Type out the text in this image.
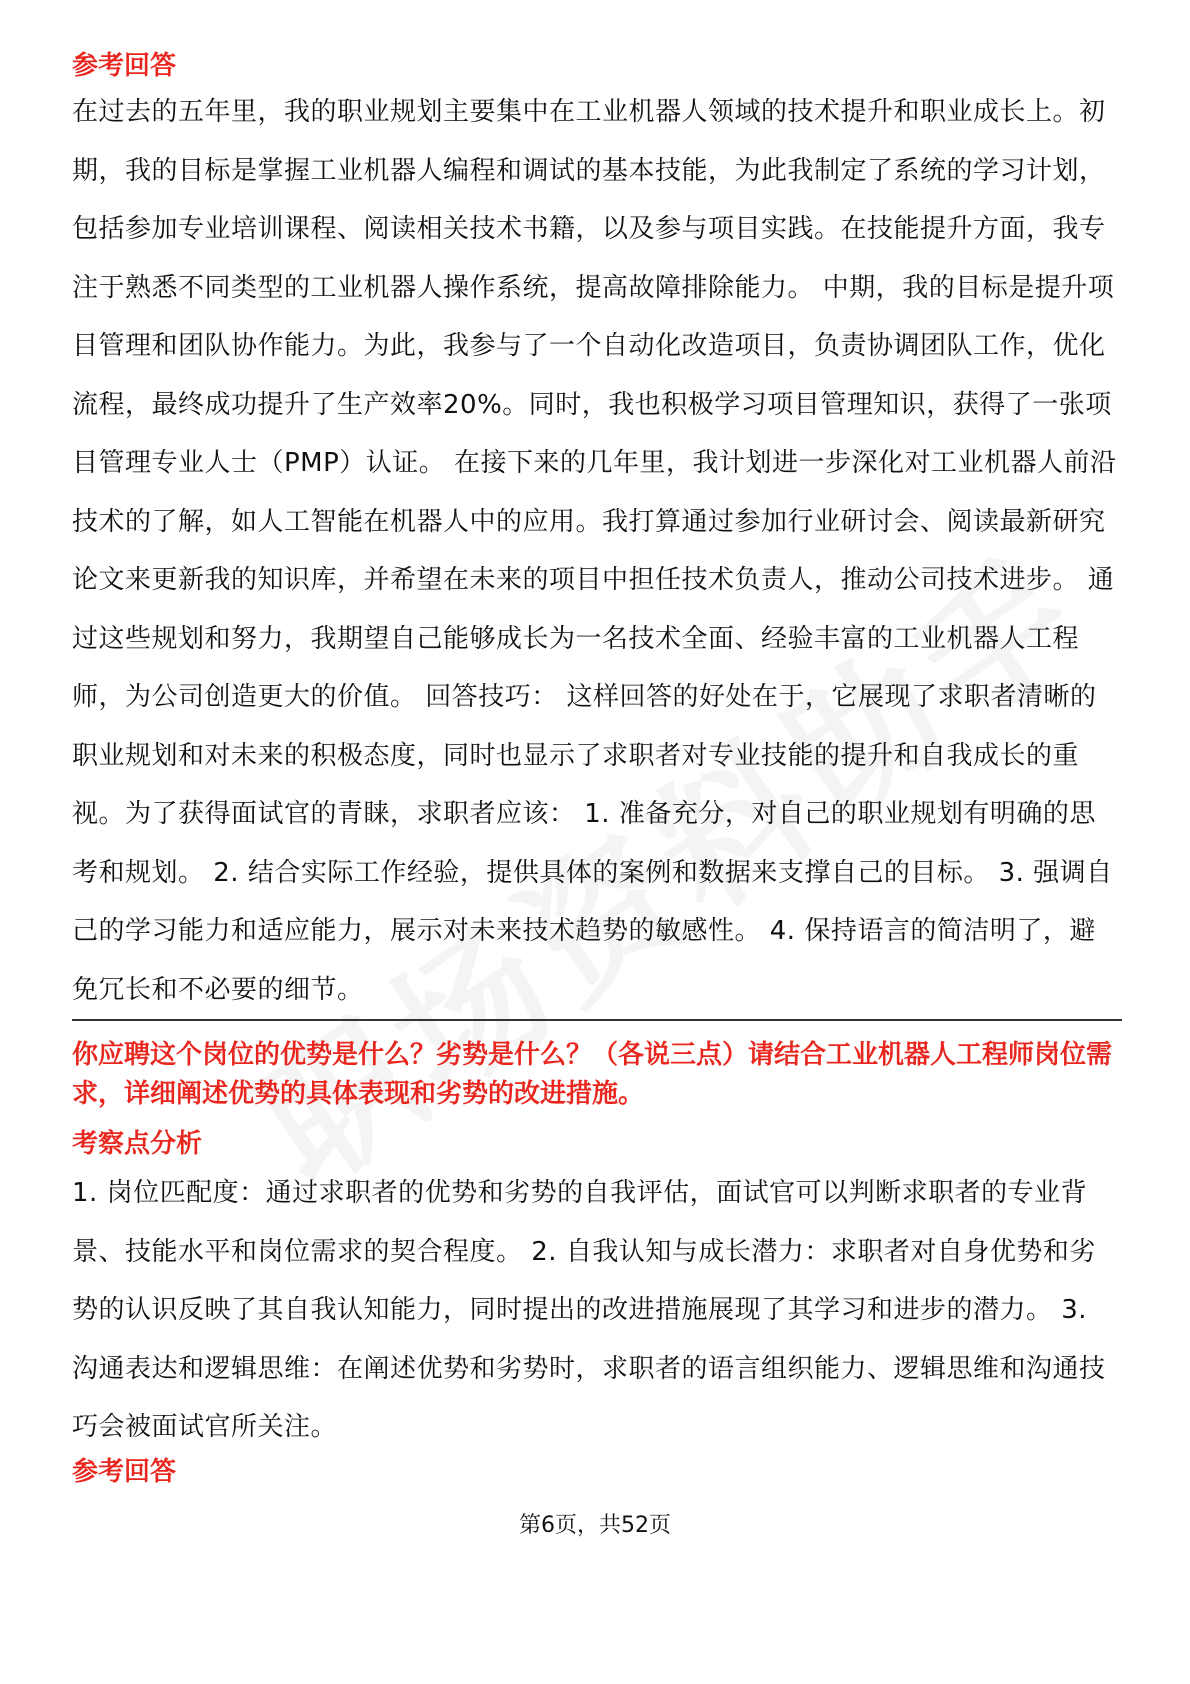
参考回答

在过去的五年里，我的职业规划主要集中在工业机器人领域的技术提升和职业成长上。初期，我的目标是掌握工业机器人编程和调试的基本技能，为此我制定了系统的学习计划，包括参加专业培训课程、阅读相关技术书籍，以及参与项目实践。在技能提升方面，我专注于熟悉不同类型的工业机器人操作系统，提高故障排除能力。 中期，我的目标是提升项目管理和团队协作能力。为此，我参与了一个自动化改造项目，负责协调团队工作，优化流程，最终成功提升了生产效率20%。同时，我也积极学习项目管理知识，获得了一张项目管理专业人士（PMP）认证。 在接下来的几年里，我计划进一步深化对工业机器人前沿技术的了解，如人工智能在机器人中的应用。我打算通过参加行业研讨会、阅读最新研究论文来更新我的知识库，并希望在未来的项目中担任技术负责人，推动公司技术进步。 通过这些规划和努力，我期望自己能够成长为一名技术全面、经验丰富的工业机器人工程师，为公司创造更大的价值。 回答技巧： 这样回答的好处在于，它展现了求职者清晰的职业规划和对未来的积极态度，同时也显示了求职者对专业技能的提升和自我成长的重视。为了获得面试官的青睐，求职者应该： 1. 准备充分，对自己的职业规划有明确的思考和规划。 2. 结合实际工作经验，提供具体的案例和数据来支撑自己的目标。 3. 强调自己的学习能力和适应能力，展示对未来技术趋势的敏感性。 4. 保持语言的简洁明了，避免冗长和不必要的细节。

你应聘这个岗位的优势是什么？劣势是什么？（各说三点）请结合工业机器人工程师岗位需求，详细阐述优势的具体表现和劣势的改进措施。

考察点分析

1. 岗位匹配度：通过求职者的优势和劣势的自我评估，面试官可以判断求职者的专业背景、技能水平和岗位需求的契合程度。 2. 自我认知与成长潜力：求职者对自身优势和劣势的认识反映了其自我认知能力，同时提出的改进措施展现了其学习和进步的潜力。 3. 沟通表达和逻辑思维：在阐述优势和劣势时，求职者的语言组织能力、逻辑思维和沟通技巧会被面试官所关注。

参考回答

第6页，共52页
